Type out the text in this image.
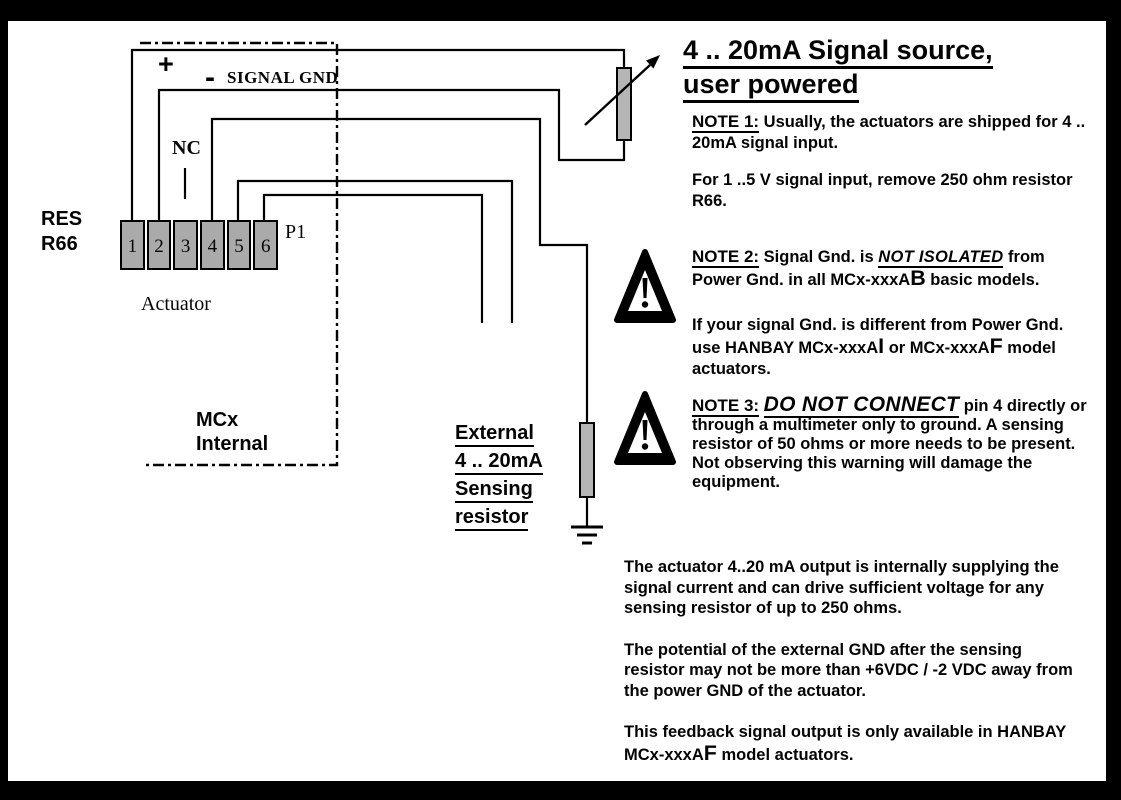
+ - SIGNAL GND
NC
RES
R66	1 2 3 4 5 6
P1
Actuator
MCx
Internal	External
4 .. 20mA
Sensing
resistor
4 .. 20mA Signal source,
user powered
NOTE 1: Usually, the actuators are shipped for 4 .. 20mA signal input.
For 1 ..5 V signal input, remove 250 ohm resistor R66.
NOTE 2: Signal Gnd. is NOT ISOLATED from Power Gnd. in all MCx-xxxAB basic models.
If your signal Gnd. is different from Power Gnd. use HANBAY MCx-xxxAI or MCx-xxxAF model actuators.
NOTE 3: DO NOT CONNECT pin 4 directly or through a multimeter only to ground. A sensing resistor of 50 ohms or more needs to be present.
Not observing this warning will damage the equipment.

The actuator 4..20 mA output is internally supplying the signal current and can drive sufficient voltage for any sensing resistor of up to 250 ohms.

The potential of the external GND after the sensing resistor may not be more than +6VDC / -2 VDC away from the power GND of the actuator.

This feedback signal output is only available in HANBAY MCx-xxxAF model actuators.
